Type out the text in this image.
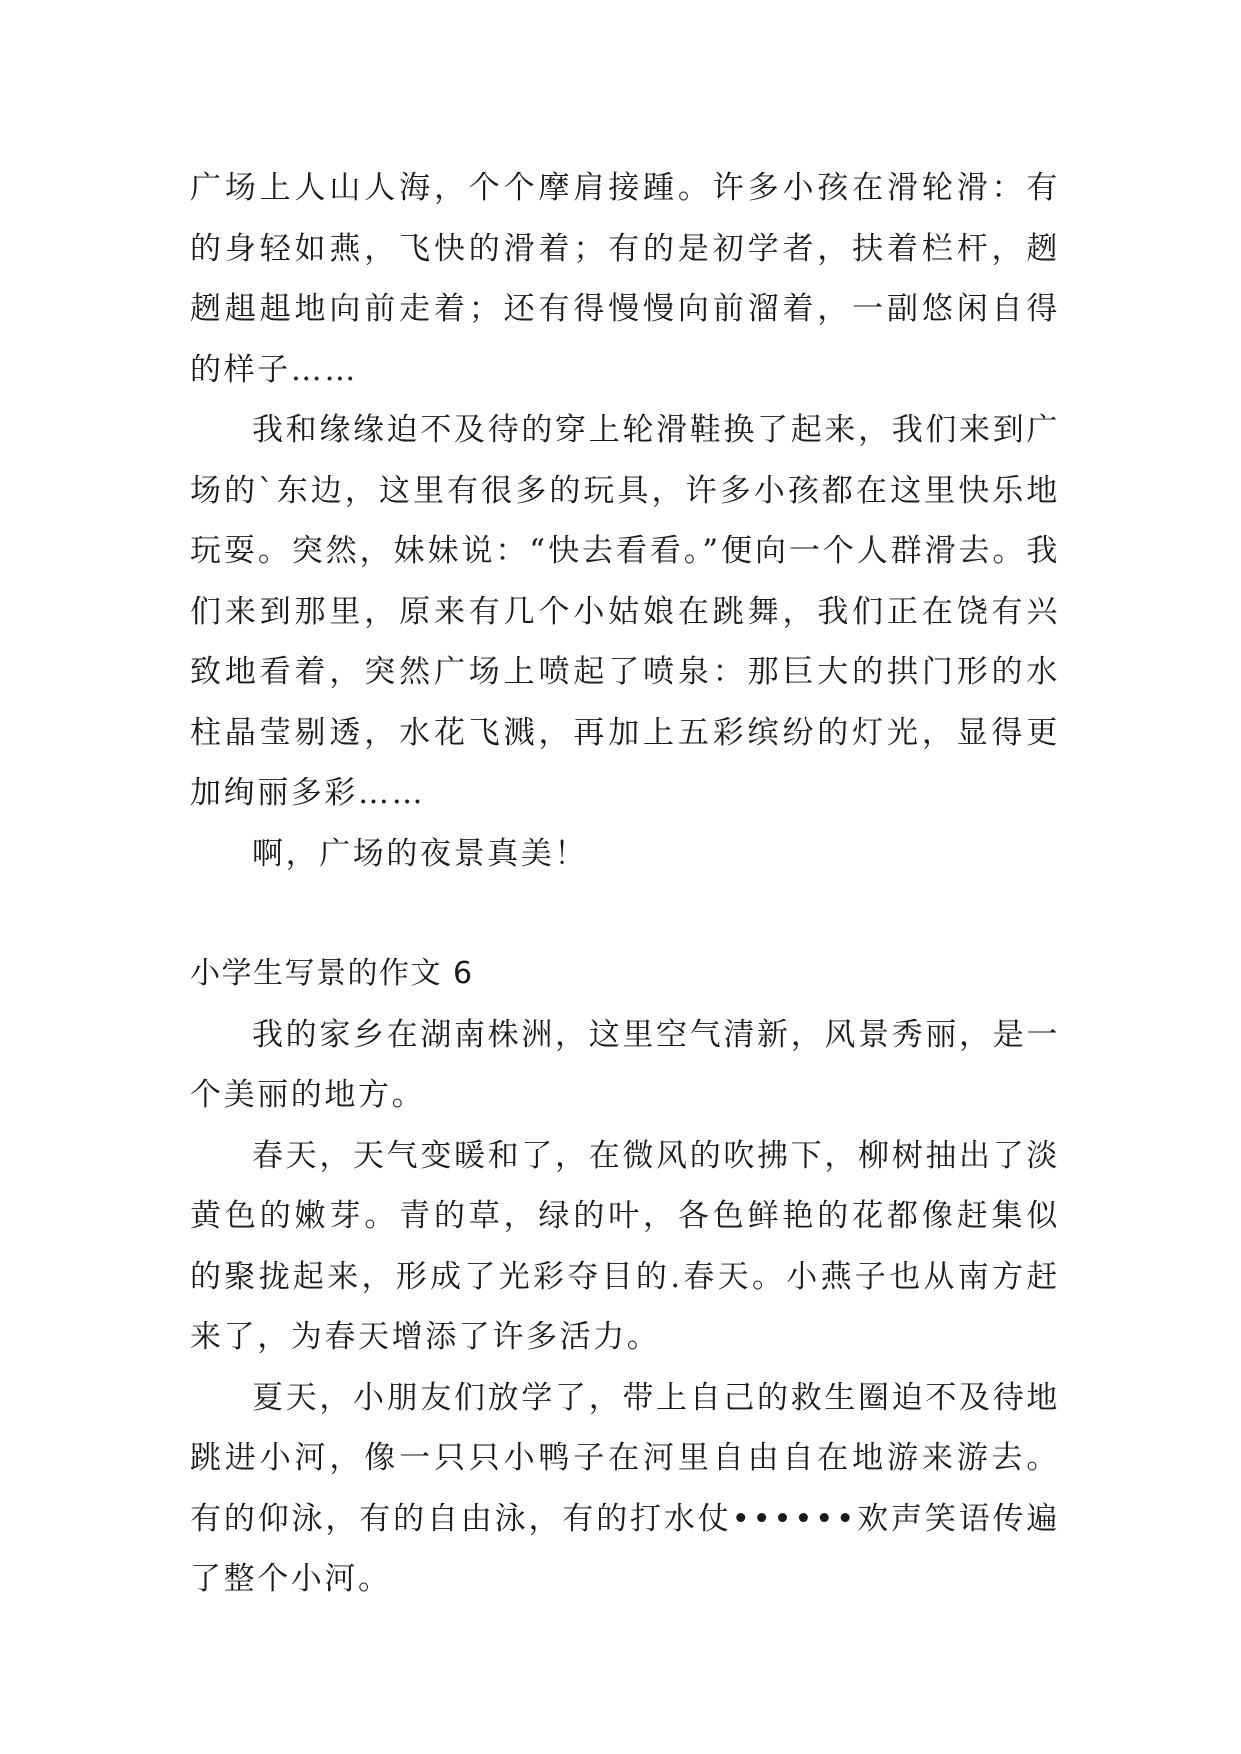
广场上人山人海，个个摩肩接踵。许多小孩在滑轮滑：有的身轻如燕，飞快的滑着；有的是初学者，扶着栏杆，趔趔趄趄地向前走着；还有得慢慢向前溜着，一副悠闲自得的样子……

我和缘缘迫不及待的穿上轮滑鞋换了起来，我们来到广场的`东边，这里有很多的玩具，许多小孩都在这里快乐地玩耍。突然，妹妹说：“快去看看。”便向一个人群滑去。我们来到那里，原来有几个小姑娘在跳舞，我们正在饶有兴致地看着，突然广场上喷起了喷泉：那巨大的拱门形的水柱晶莹剔透，水花飞溅，再加上五彩缤纷的灯光，显得更加绚丽多彩……

啊，广场的夜景真美！

小学生写景的作文 6

我的家乡在湖南株洲，这里空气清新，风景秀丽，是一个美丽的地方。

春天，天气变暖和了，在微风的吹拂下，柳树抽出了淡黄色的嫩芽。青的草，绿的叶，各色鲜艳的花都像赶集似的聚拢起来，形成了光彩夺目的.春天。小燕子也从南方赶来了，为春天增添了许多活力。

夏天，小朋友们放学了，带上自己的救生圈迫不及待地跳进小河，像一只只小鸭子在河里自由自在地游来游去。有的仰泳，有的自由泳，有的打水仗••••••欢声笑语传遍了整个小河。
